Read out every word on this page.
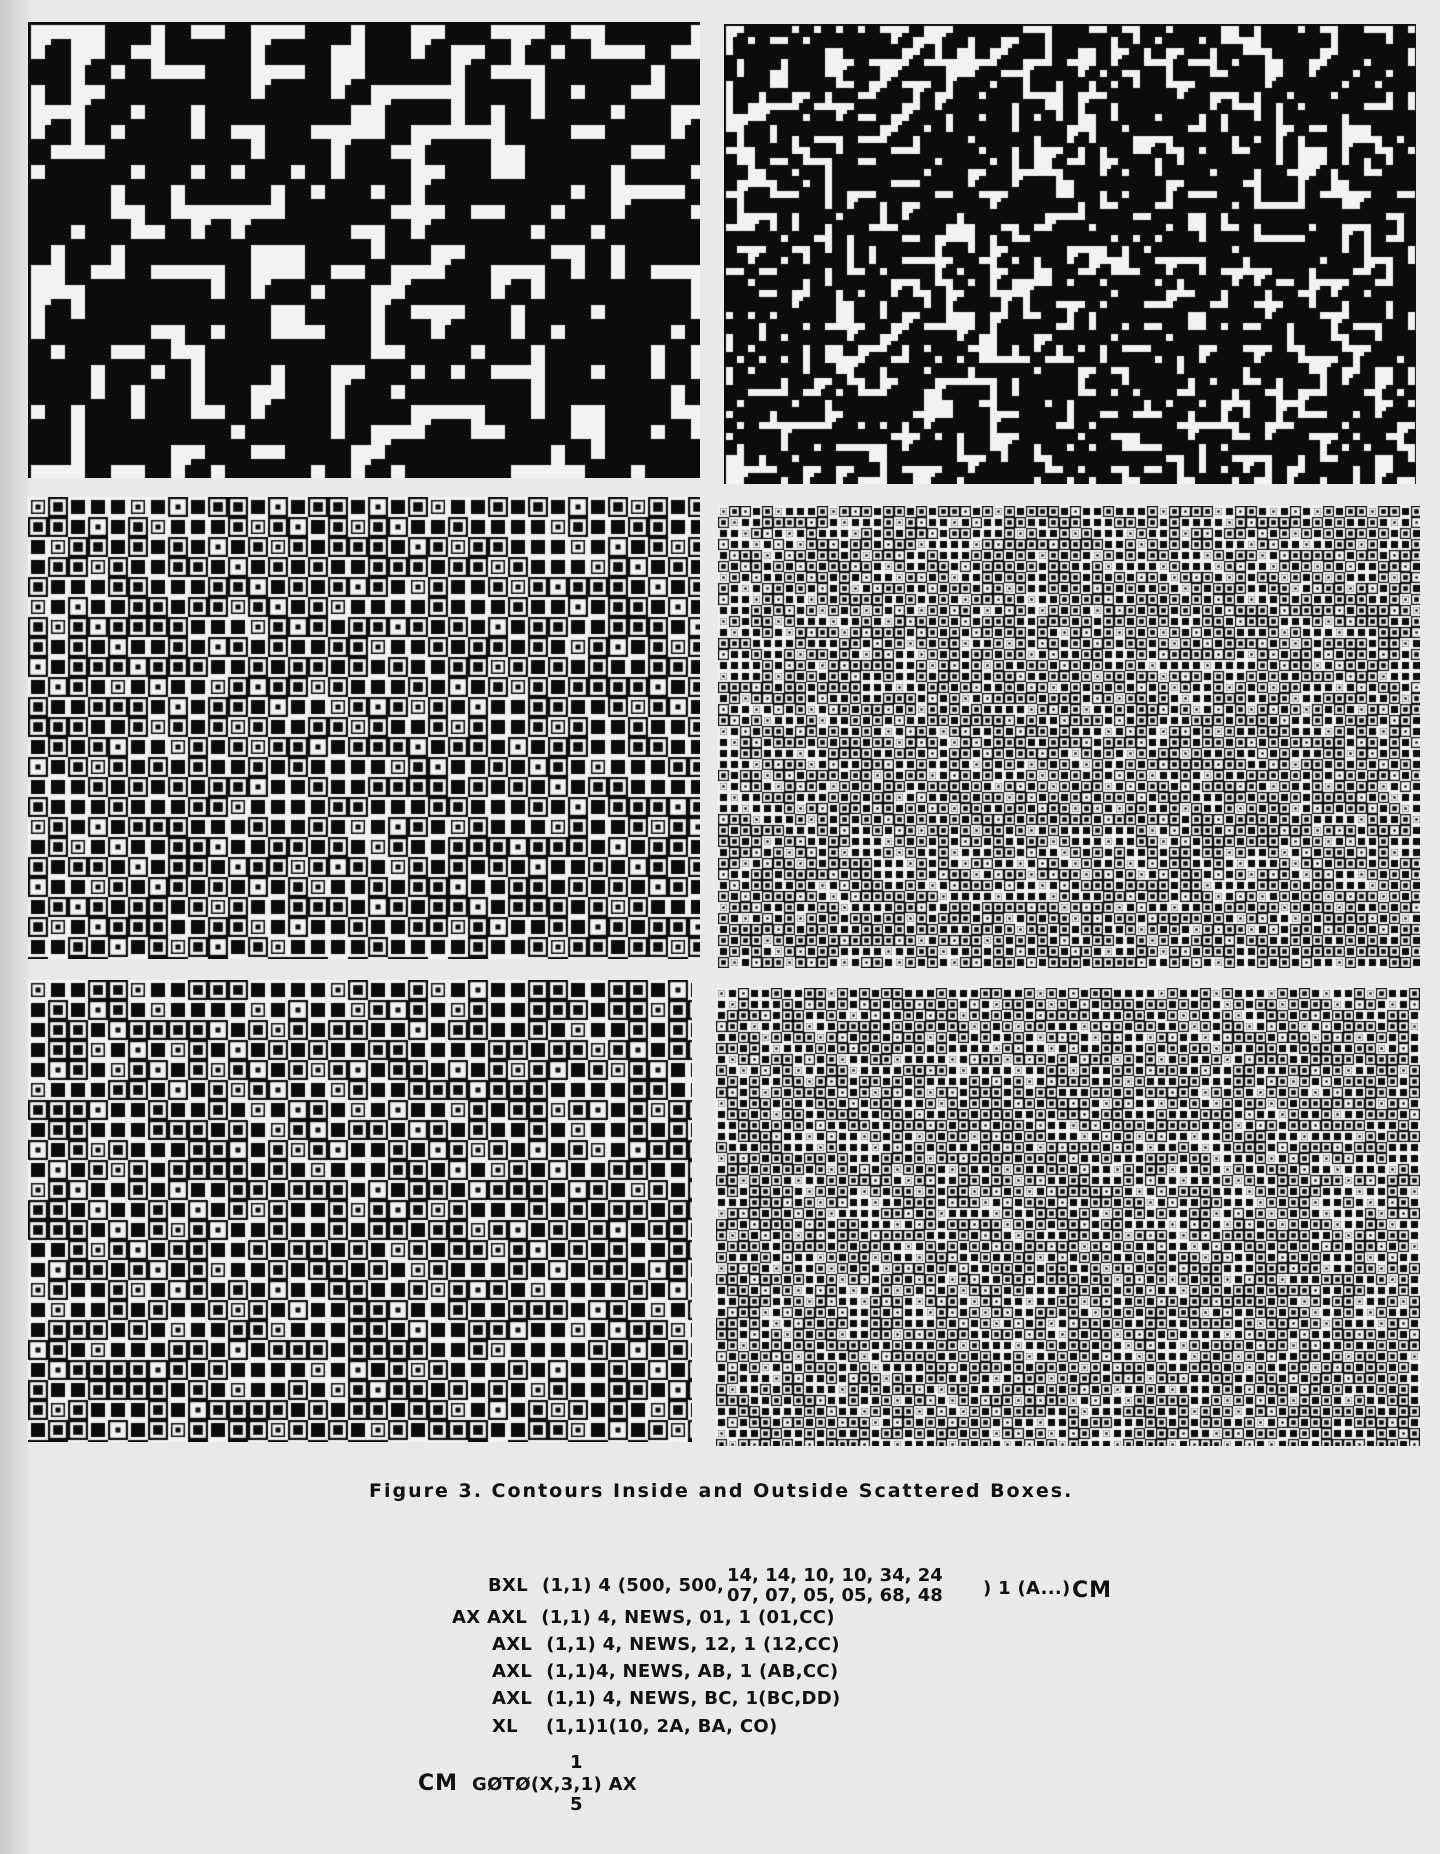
Figure 3. Contours Inside and Outside Scattered Boxes.
BXL (1,1) 4 (500, 500, 14, 14, 10, 10, 34, 24
07, 07, 05, 05, 68, 48 ) 1 (A...) CM
AX AXL (1,1) 4, NEWS, 01, 1 (01,CC)
AXL (1,1) 4, NEWS, 12, 1 (12,CC)
AXL (1,1)4, NEWS, AB, 1 (AB,CC)
AXL (1,1) 4, NEWS, BC, 1(BC,DD)
XL (1,1)1(10, 2A, BA, CO)
CM GØTØ(X,3,1) AX
1
5
